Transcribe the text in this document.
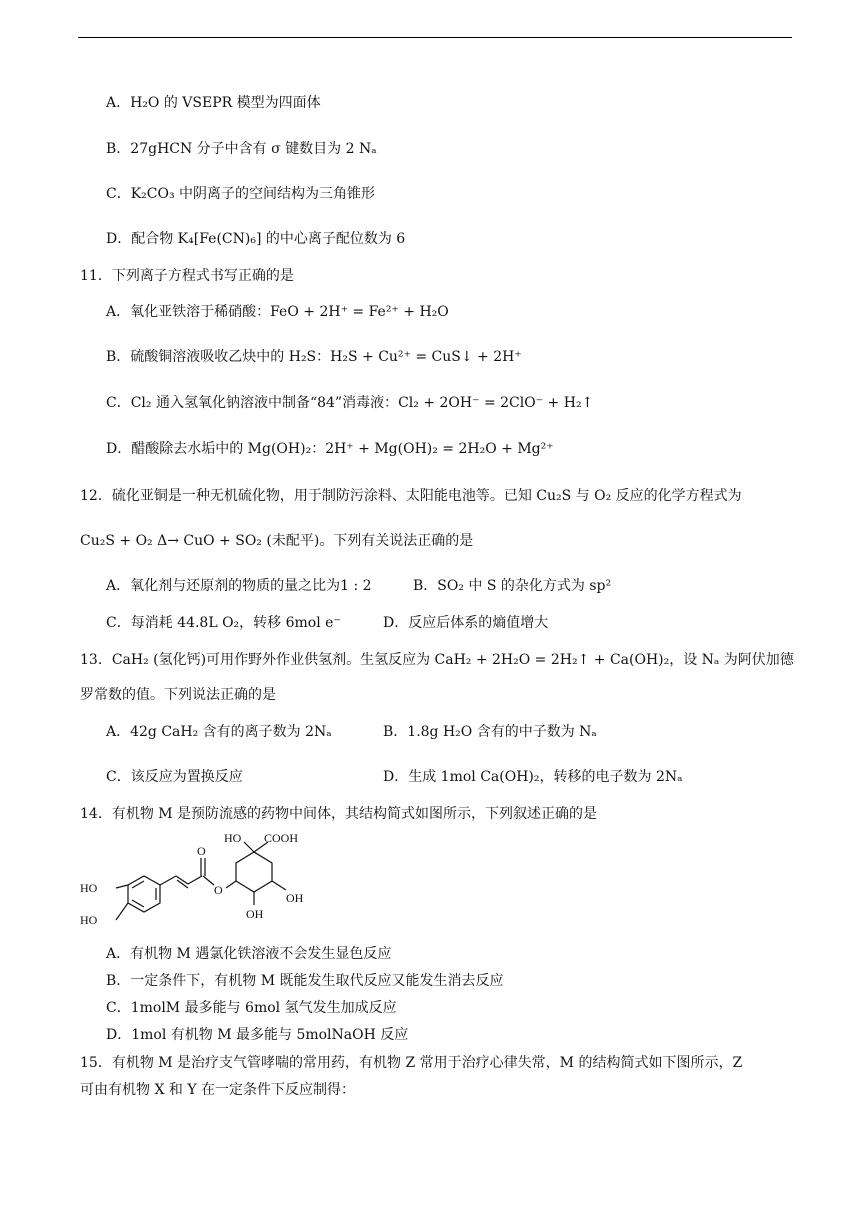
A．H₂O 的 VSEPR 模型为四面体
B．27gHCN 分子中含有 σ 键数目为 2 Nₐ
C．K₂CO₃ 中阴离子的空间结构为三角锥形
D．配合物 K₄[Fe(CN)₆] 的中心离子配位数为 6
11．下列离子方程式书写正确的是
A．氧化亚铁溶于稀硝酸：FeO + 2H⁺ = Fe²⁺ + H₂O
B．硫酸铜溶液吸收乙炔中的 H₂S：H₂S + Cu²⁺ = CuS↓ + 2H⁺
C．Cl₂ 通入氢氧化钠溶液中制备“84”消毒液：Cl₂ + 2OH⁻ = 2ClO⁻ + H₂↑
D．醋酸除去水垢中的 Mg(OH)₂：2H⁺ + Mg(OH)₂ = 2H₂O + Mg²⁺
12．硫化亚铜是一种无机硫化物，用于制防污涂料、太阳能电池等。已知 Cu₂S 与 O₂ 反应的化学方程式为
Cu₂S + O₂ Δ→ CuO + SO₂ (未配平)。下列有关说法正确的是
A．氧化剂与还原剂的物质的量之比为1 : 2	B．SO₂ 中 S 的杂化方式为 sp²
C．每消耗 44.8L O₂，转移 6mol e⁻	D．反应后体系的熵值增大
13．CaH₂ (氢化钙)可用作野外作业供氢剂。生氢反应为 CaH₂ + 2H₂O = 2H₂↑ + Ca(OH)₂，设 Nₐ 为阿伏加德
罗常数的值。下列说法正确的是
A．42g CaH₂ 含有的离子数为 2Nₐ	B．1.8g H₂O 含有的中子数为 Nₐ
C．该反应为置换反应	D．生成 1mol Ca(OH)₂，转移的电子数为 2Nₐ
14．有机物 M 是预防流感的药物中间体，其结构简式如图所示，下列叙述正确的是
HO COOH
HO
HO
O
O
OH
OH
A．有机物 M 遇氯化铁溶液不会发生显色反应
B．一定条件下，有机物 M 既能发生取代反应又能发生消去反应
C．1molM 最多能与 6mol 氢气发生加成反应
D．1mol 有机物 M 最多能与 5molNaOH 反应
15．有机物 M 是治疗支气管哮喘的常用药，有机物 Z 常用于治疗心律失常，M 的结构简式如下图所示，Z
可由有机物 X 和 Y 在一定条件下反应制得：
